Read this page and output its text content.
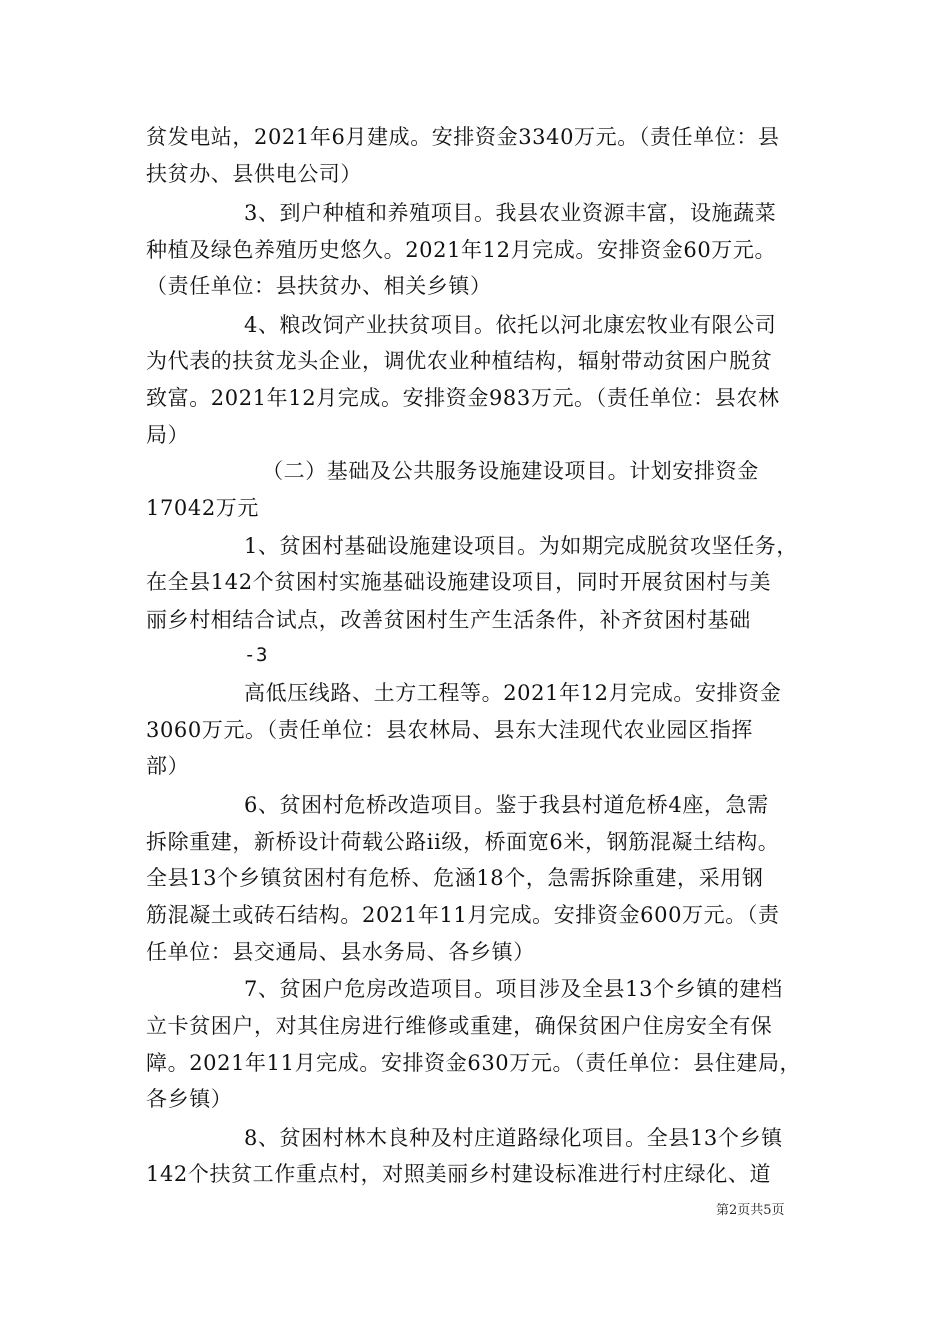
贫发电站，2021年6月建成。安排资金3340万元。（责任单位：县
扶贫办、县供电公司）
3、到户种植和养殖项目。我县农业资源丰富，设施蔬菜
种植及绿色养殖历史悠久。2021年12月完成。安排资金60万元。
（责任单位：县扶贫办、相关乡镇）
4、粮改饲产业扶贫项目。依托以河北康宏牧业有限公司
为代表的扶贫龙头企业，调优农业种植结构，辐射带动贫困户脱贫
致富。2021年12月完成。安排资金983万元。（责任单位：县农林
局）
（二）基础及公共服务设施建设项目。计划安排资金
17042万元
1、贫困村基础设施建设项目。为如期完成脱贫攻坚任务，
在全县142个贫困村实施基础设施建设项目，同时开展贫困村与美
丽乡村相结合试点，改善贫困村生产生活条件，补齐贫困村基础
-3
高低压线路、土方工程等。2021年12月完成。安排资金
3060万元。（责任单位：县农林局、县东大洼现代农业园区指挥
部）
6、贫困村危桥改造项目。鉴于我县村道危桥4座，急需
拆除重建，新桥设计荷载公路ii级，桥面宽6米，钢筋混凝土结构。
全县13个乡镇贫困村有危桥、危涵18个，急需拆除重建，采用钢
筋混凝土或砖石结构。2021年11月完成。安排资金600万元。（责
任单位：县交通局、县水务局、各乡镇）
7、贫困户危房改造项目。项目涉及全县13个乡镇的建档
立卡贫困户，对其住房进行维修或重建，确保贫困户住房安全有保
障。2021年11月完成。安排资金630万元。（责任单位：县住建局，
各乡镇）
8、贫困村林木良种及村庄道路绿化项目。全县13个乡镇
142个扶贫工作重点村，对照美丽乡村建设标准进行村庄绿化、道
第2页共5页
